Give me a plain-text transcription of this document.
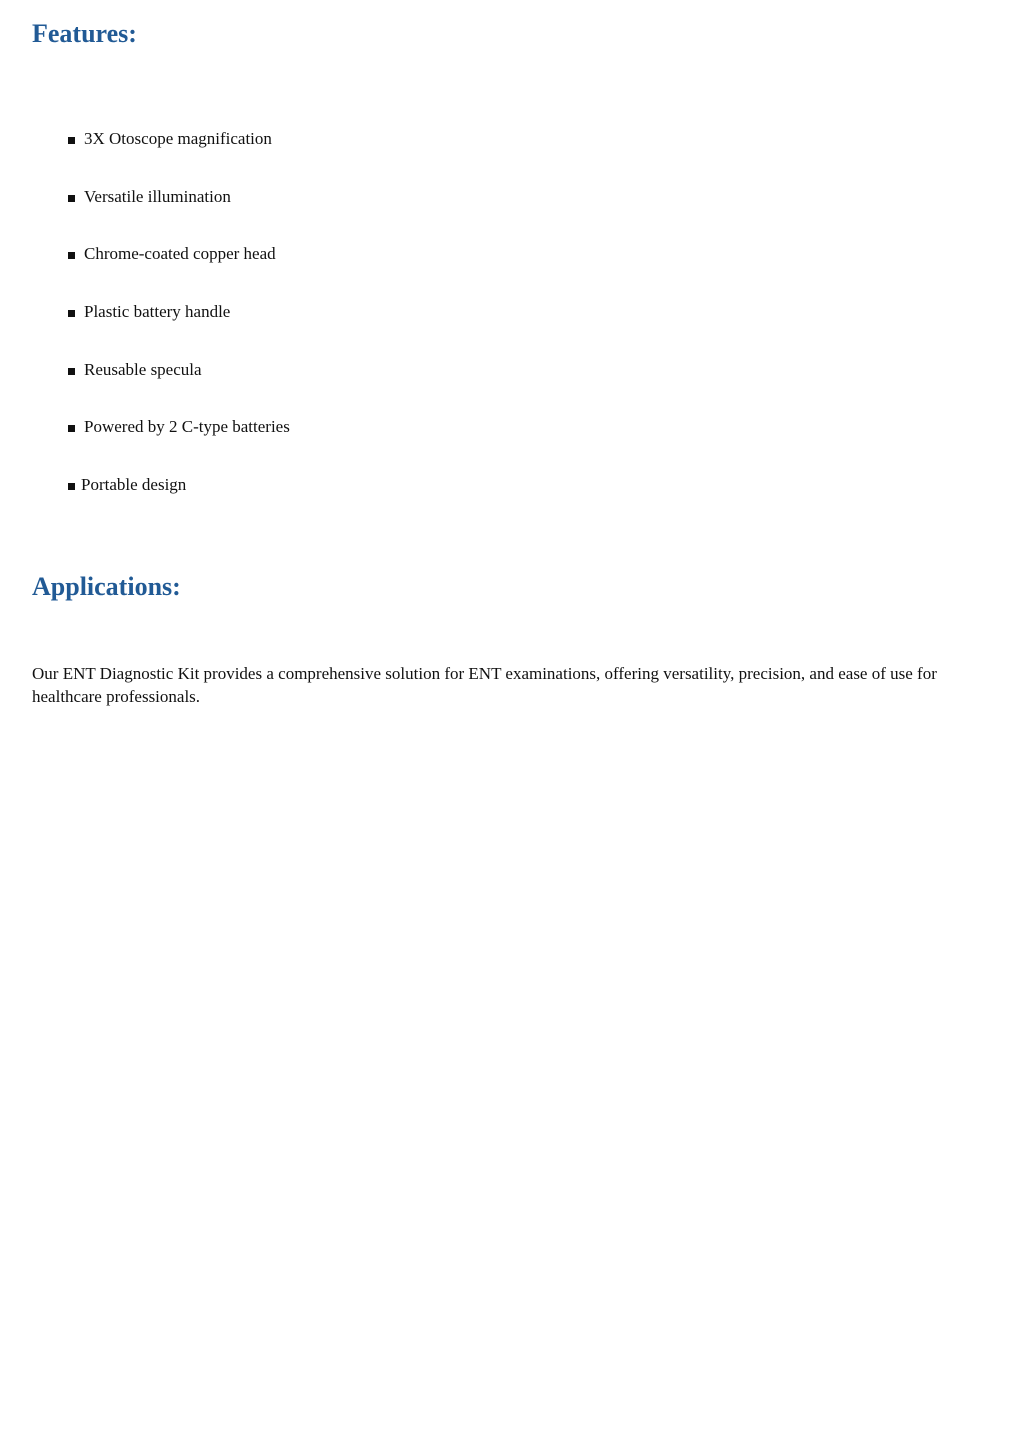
Features:
3X Otoscope magnification
Versatile illumination
Chrome-coated copper head
Plastic battery handle
Reusable specula
Powered by 2 C-type batteries
Portable design
Applications:

Our ENT Diagnostic Kit provides a comprehensive solution for ENT examinations, offering versatility, precision, and ease of use for healthcare professionals.
